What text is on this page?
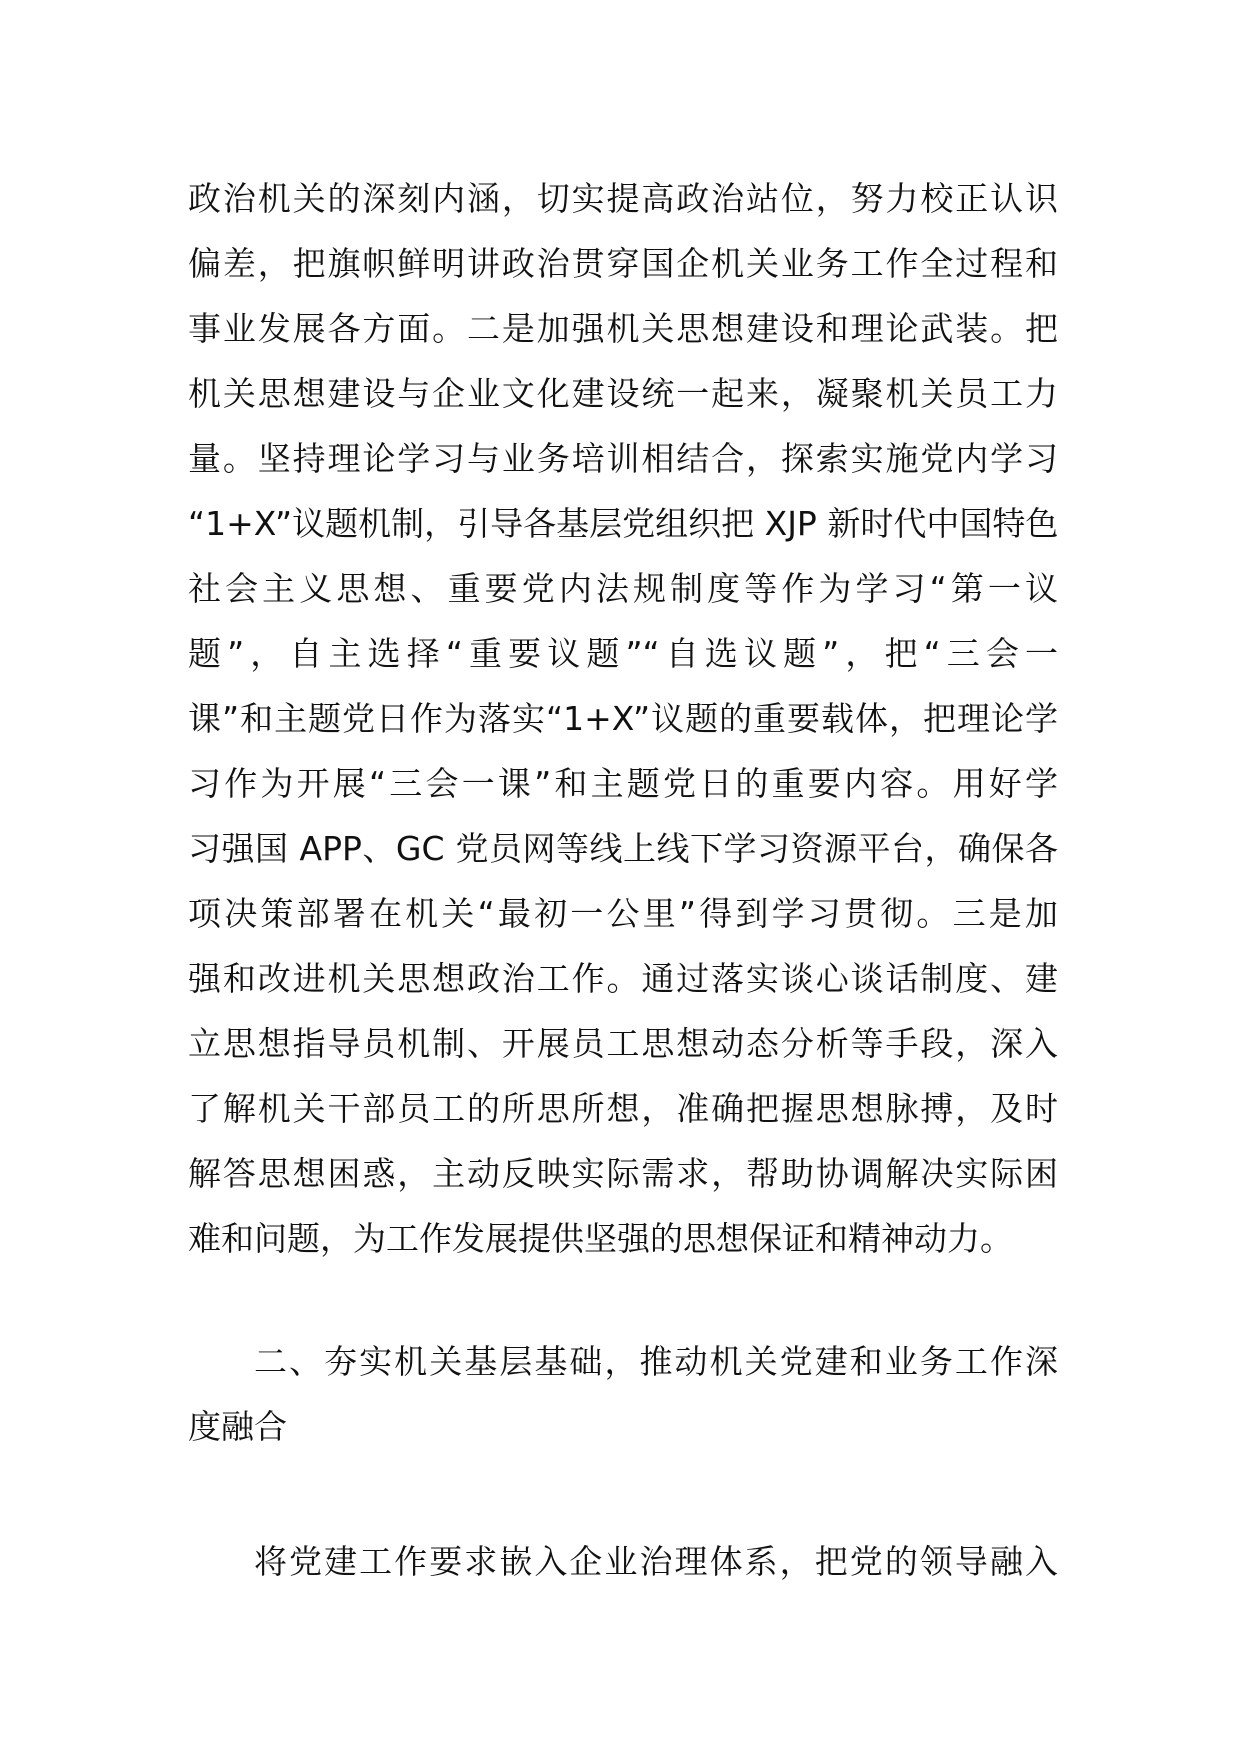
政治机关的深刻内涵，切实提高政治站位，努力校正认识
偏差，把旗帜鲜明讲政治贯穿国企机关业务工作全过程和
事业发展各方面。二是加强机关思想建设和理论武装。把
机关思想建设与企业文化建设统一起来，凝聚机关员工力
量。坚持理论学习与业务培训相结合，探索实施党内学习
“1+X”议题机制，引导各基层党组织把 XJP 新时代中国特色
社会主义思想、重要党内法规制度等作为学习“第一议
题”，自主选择“重要议题”“自选议题”，把“三会一
课”和主题党日作为落实“1+X”议题的重要载体，把理论学
习作为开展“三会一课”和主题党日的重要内容。用好学
习强国 APP、GC 党员网等线上线下学习资源平台，确保各
项决策部署在机关“最初一公里”得到学习贯彻。三是加
强和改进机关思想政治工作。通过落实谈心谈话制度、建
立思想指导员机制、开展员工思想动态分析等手段，深入
了解机关干部员工的所思所想，准确把握思想脉搏，及时
解答思想困惑，主动反映实际需求，帮助协调解决实际困
难和问题，为工作发展提供坚强的思想保证和精神动力。
二、夯实机关基层基础，推动机关党建和业务工作深
度融合
将党建工作要求嵌入企业治理体系，把党的领导融入
